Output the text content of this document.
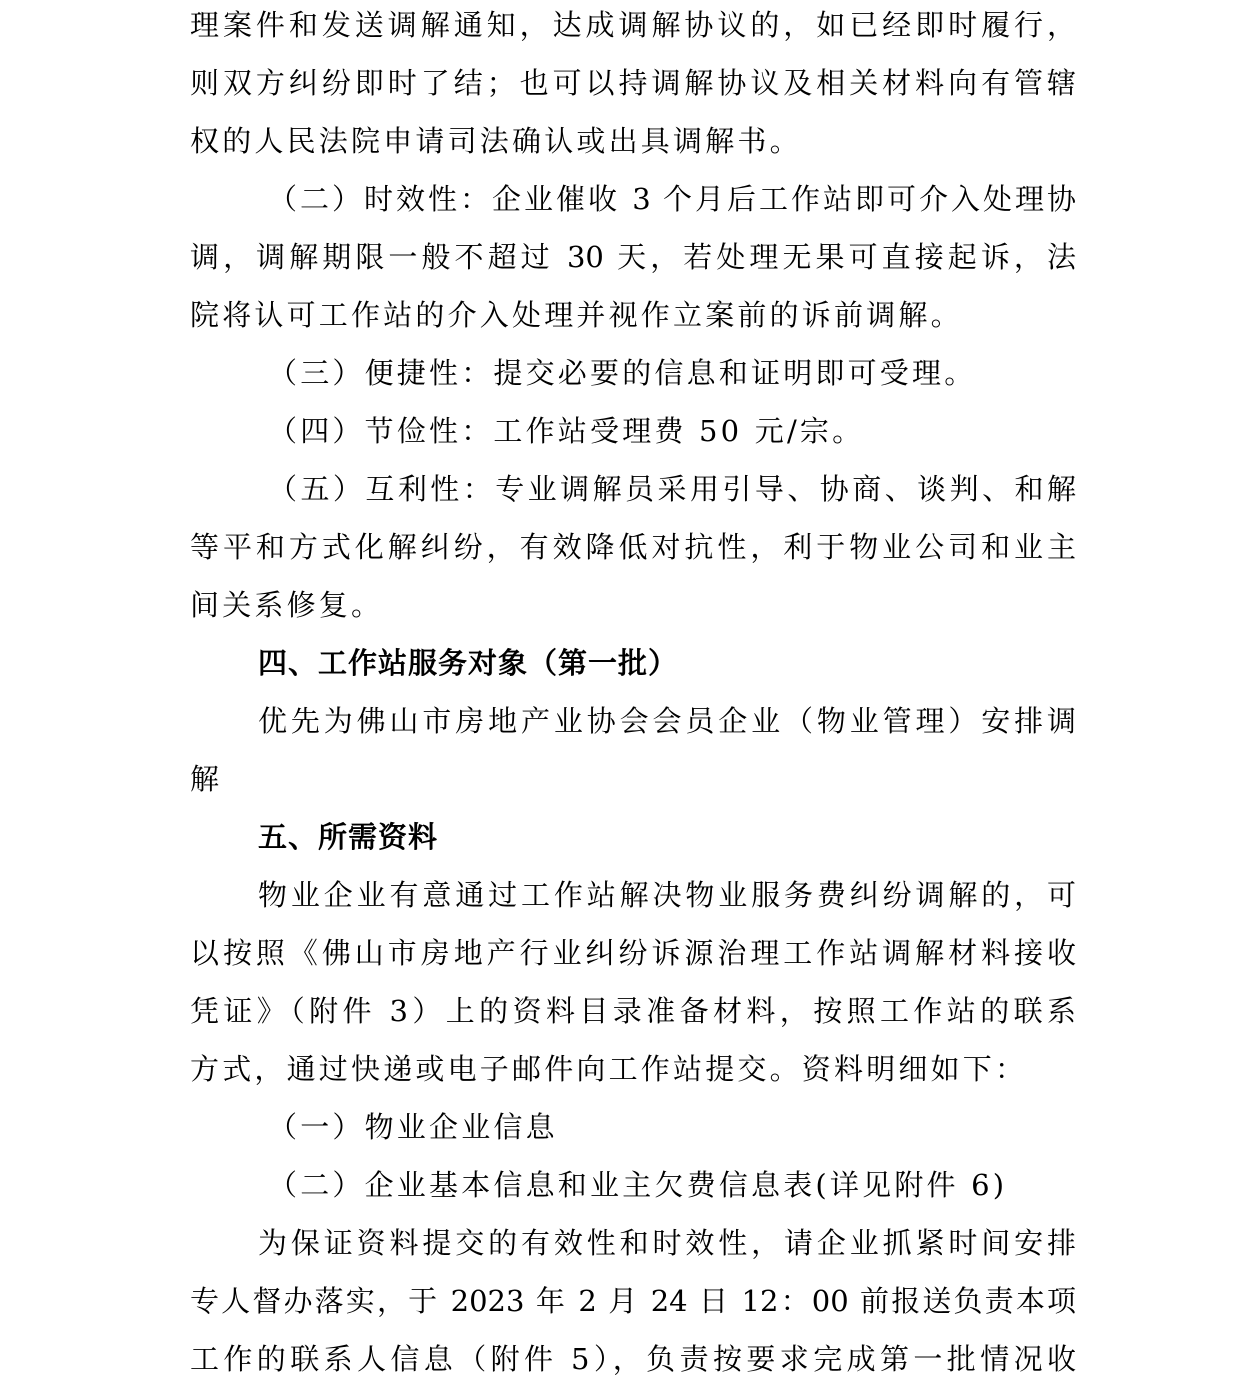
理案件和发送调解通知，达成调解协议的，如已经即时履行，
则双方纠纷即时了结；也可以持调解协议及相关材料向有管辖
权的人民法院申请司法确认或出具调解书。
（二）时效性：企业催收 3 个月后工作站即可介入处理协
调，调解期限一般不超过 30 天，若处理无果可直接起诉，法
院将认可工作站的介入处理并视作立案前的诉前调解。
（三）便捷性：提交必要的信息和证明即可受理。
（四）节俭性：工作站受理费 50 元/宗。
（五）互利性：专业调解员采用引导、协商、谈判、和解
等平和方式化解纠纷，有效降低对抗性，利于物业公司和业主
间关系修复。
四、工作站服务对象（第一批）
优先为佛山市房地产业协会会员企业（物业管理）安排调
解
五、所需资料
物业企业有意通过工作站解决物业服务费纠纷调解的，可
以按照《佛山市房地产行业纠纷诉源治理工作站调解材料接收
凭证》（附件 3）上的资料目录准备材料，按照工作站的联系
方式，通过快递或电子邮件向工作站提交。资料明细如下：
（一）物业企业信息
（二）企业基本信息和业主欠费信息表(详见附件 6)
为保证资料提交的有效性和时效性，请企业抓紧时间安排
专人督办落实，于 2023 年 2 月 24 日 12：00 前报送负责本项
工作的联系人信息（附件 5），负责按要求完成第一批情况收
